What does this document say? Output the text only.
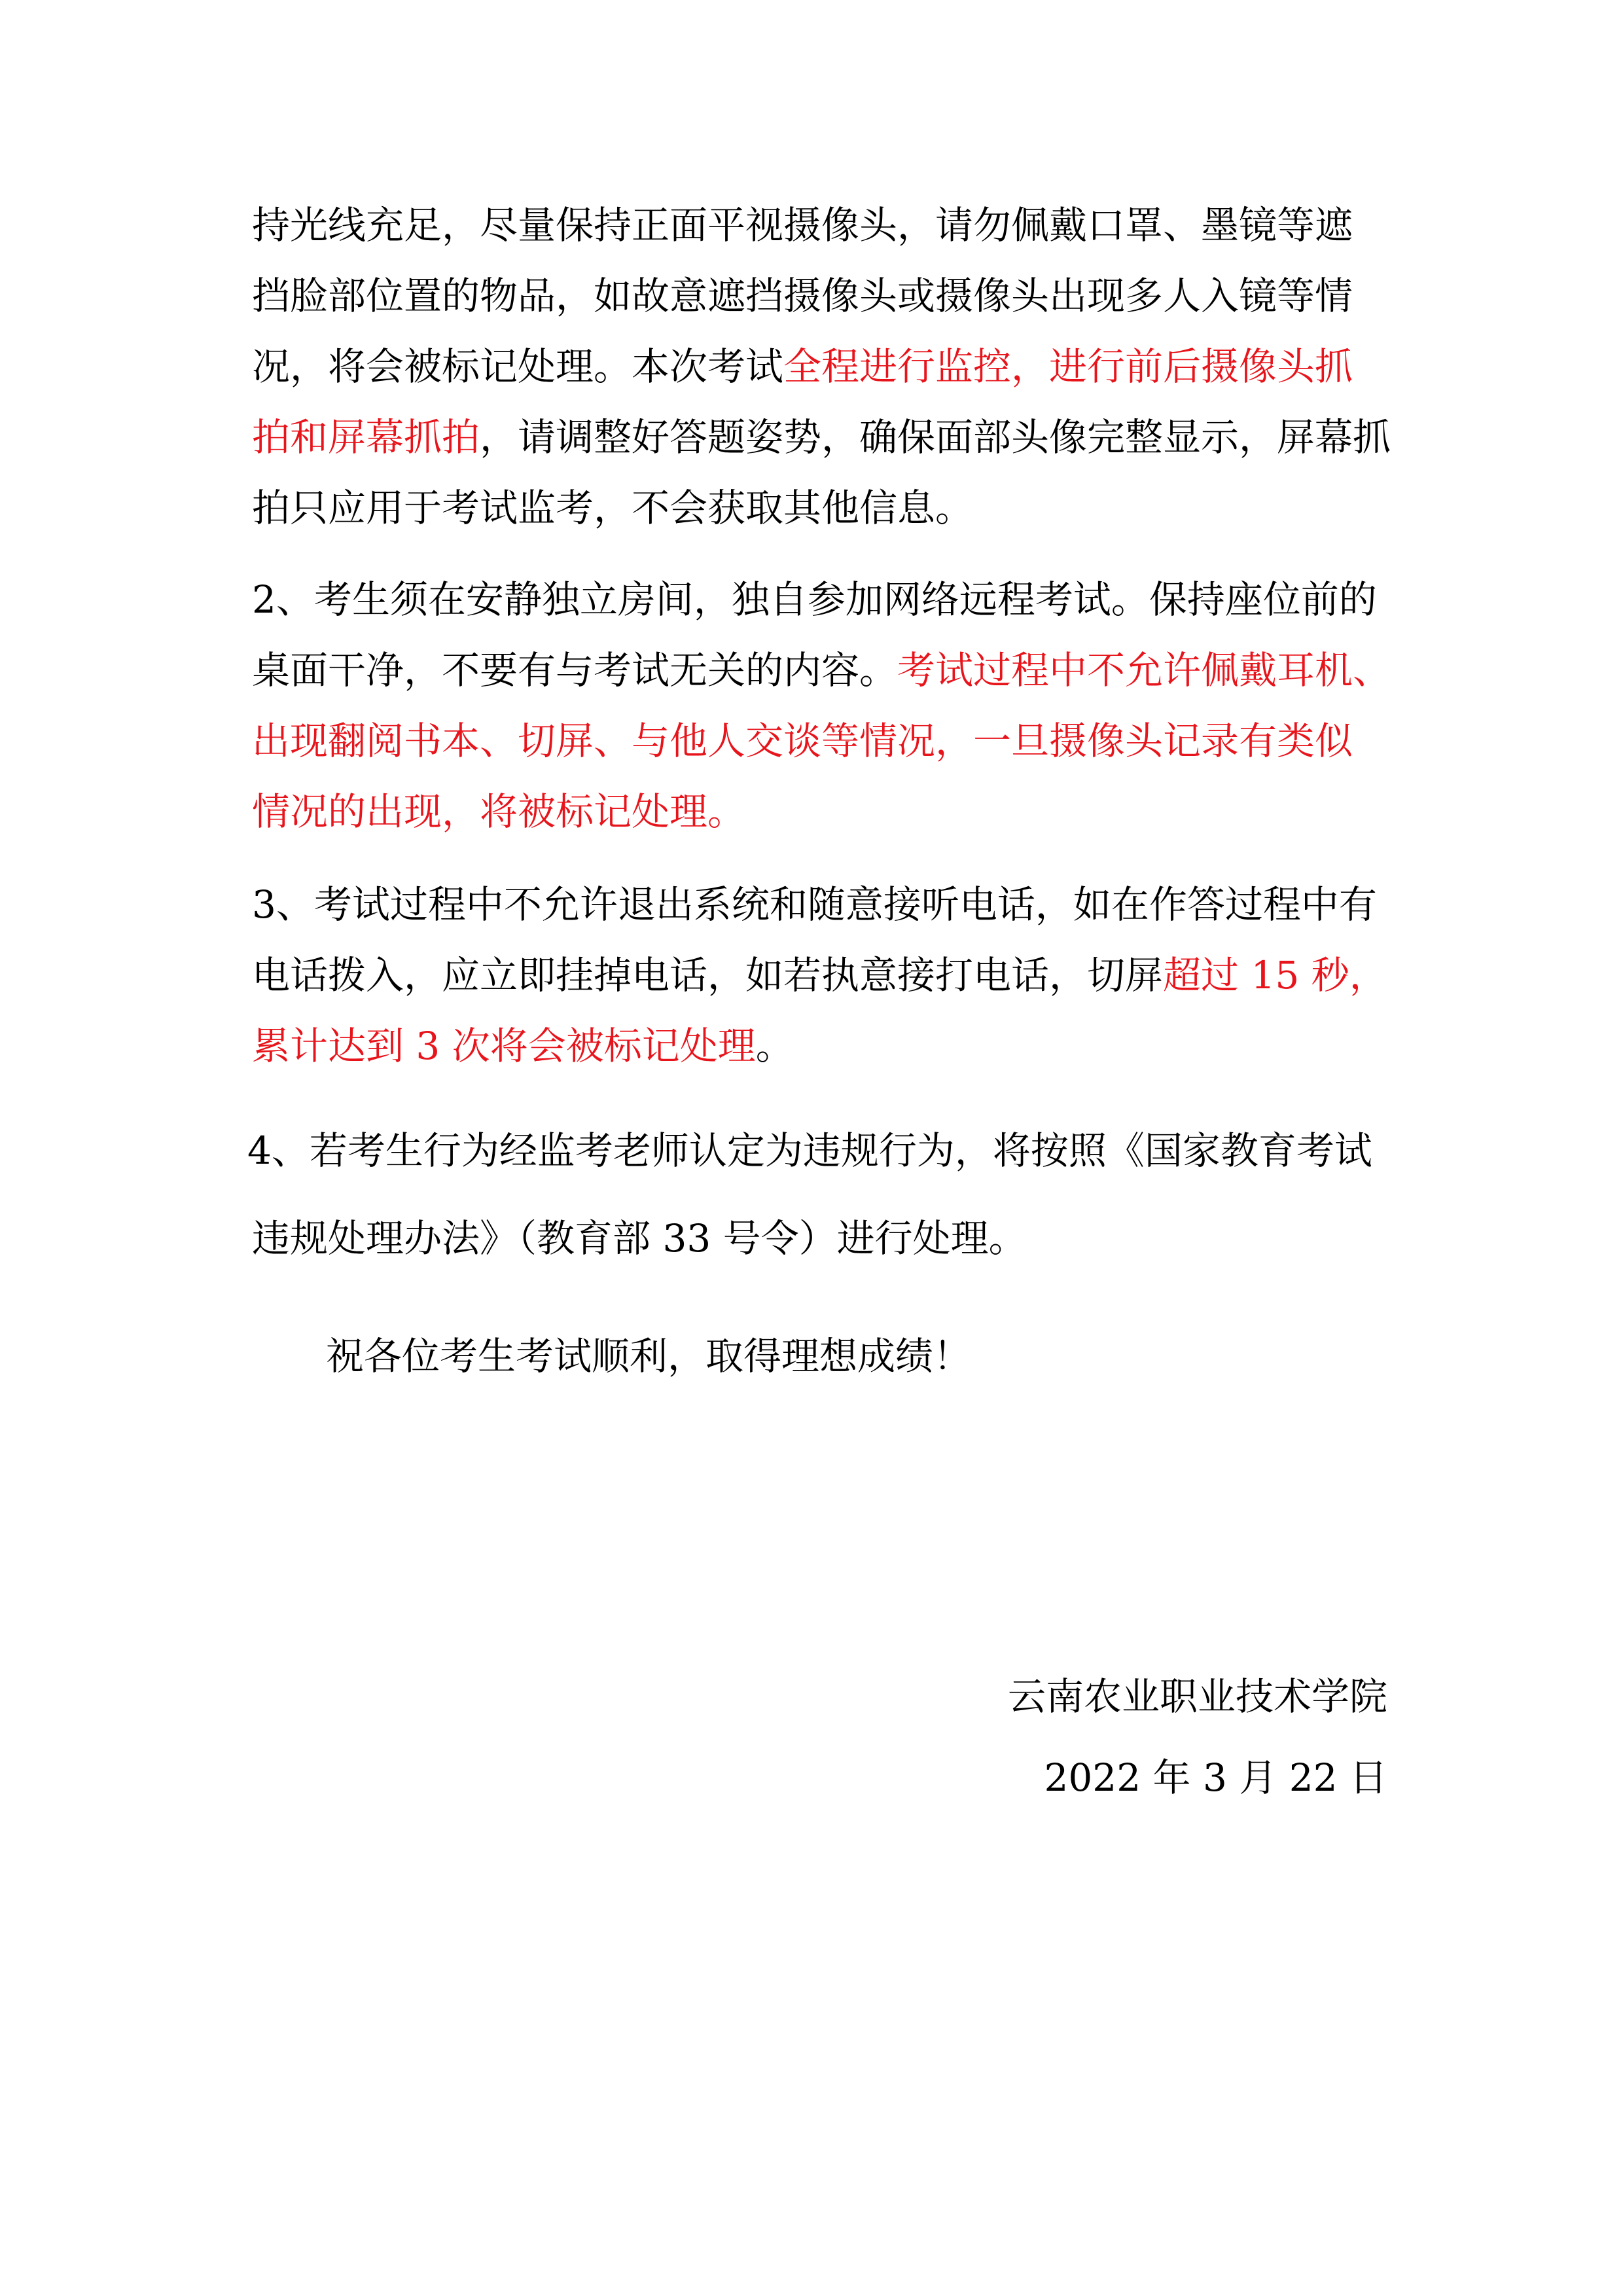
持光线充足，尽量保持正面平视摄像头，请勿佩戴口罩、墨镜等遮
挡脸部位置的物品，如故意遮挡摄像头或摄像头出现多人入镜等情
况，将会被标记处理。本次考试全程进行监控，进行前后摄像头抓
拍和屏幕抓拍，请调整好答题姿势，确保面部头像完整显示，屏幕抓
拍只应用于考试监考，不会获取其他信息。
2、考生须在安静独立房间，独自参加网络远程考试。保持座位前的
桌面干净，不要有与考试无关的内容。考试过程中不允许佩戴耳机、
出现翻阅书本、切屏、与他人交谈等情况，一旦摄像头记录有类似
情况的出现，将被标记处理。
3、考试过程中不允许退出系统和随意接听电话，如在作答过程中有
电话拨入，应立即挂掉电话，如若执意接打电话，切屏超过 15 秒，
累计达到 3 次将会被标记处理。
4、若考生行为经监考老师认定为违规行为，将按照《国家教育考试
违规处理办法》（教育部 33 号令）进行处理。
祝各位考生考试顺利，取得理想成绩！
云南农业职业技术学院
2022 年 3 月 22 日
